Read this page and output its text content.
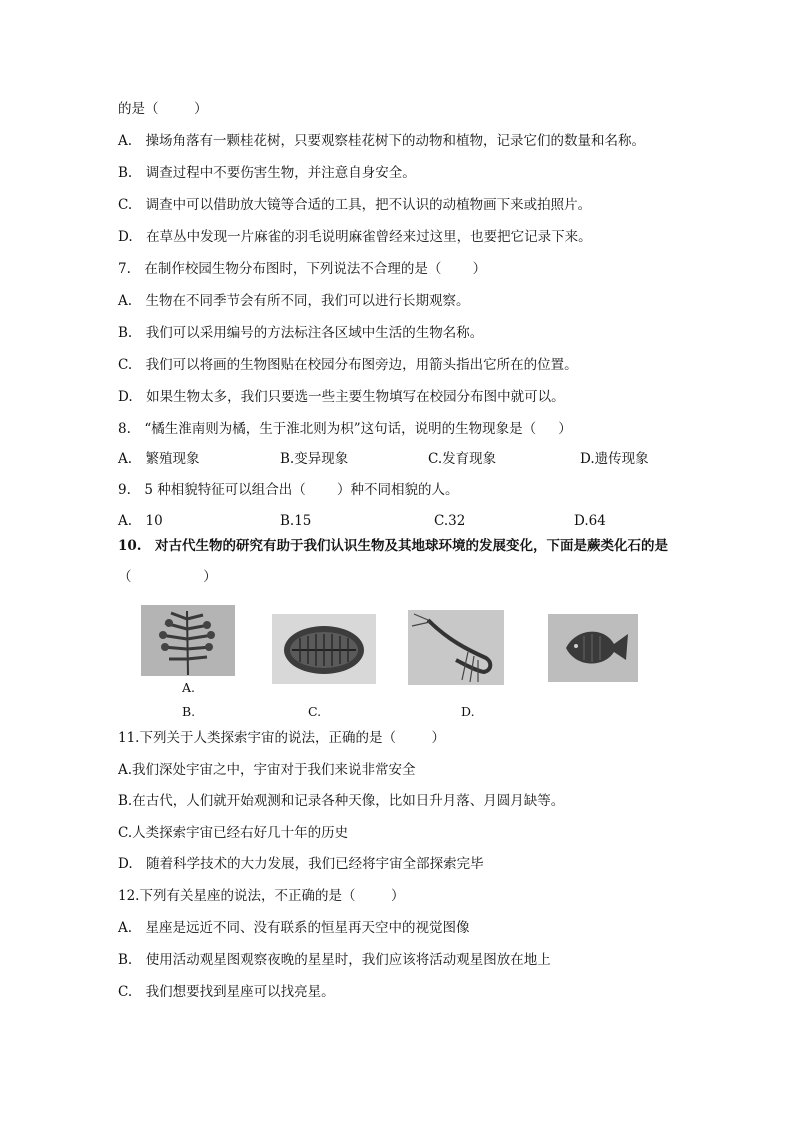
的是（ 　　 ）
A.　操场角落有一颗桂花树，只要观察桂花树下的动物和植物，记录它们的数量和名称。
B.　调查过程中不要伤害生物，并注意自身安全。
C.　调查中可以借助放大镜等合适的工具，把不认识的动植物画下来或拍照片。
D.　在草丛中发现一片麻雀的羽毛说明麻雀曾经来过这里，也要把它记录下来。
7.　在制作校园生物分布图时，下列说法不合理的是（ 　　）
A.　生物在不同季节会有所不同，我们可以进行长期观察。
B.　我们可以采用编号的方法标注各区域中生活的生物名称。
C.　我们可以将画的生物图贴在校园分布图旁边，用箭头指出它所在的位置。
D.　如果生物太多，我们只要选一些主要生物填写在校园分布图中就可以。
8.　“橘生淮南则为橘，生于淮北则为枳”这句话，说明的生物现象是（ 　 ）
A.　繁殖现象	B.变异现象	C.发育现象	D.遗传现象
9.　5 种相貌特征可以组合出（ 　　）种不同相貌的人。
A.　10	B.15	C.32	D.64
10.　对古代生物的研究有助于我们认识生物及其地球环境的发展变化，下面是蕨类化石的是
（ 　　　　　）
A.
B.	C.	D.
11.下列关于人类探索宇宙的说法，正确的是（ 　　 ）
A.我们深处宇宙之中，宇宙对于我们来说非常安全
B.在古代，人们就开始观测和记录各种天像，比如日升月落、月圆月缺等。
C.人类探索宇宙已经右好几十年的历史
D.　随着科学技术的大力发展，我们已经将宇宙全部探索完毕
12.下列有关星座的说法，不正确的是（ 　　 ）
A.　星座是远近不同、没有联系的恒星再天空中的视觉图像
B.　使用活动观星图观察夜晚的星星时，我们应该将活动观星图放在地上
C.　我们想要找到星座可以找亮星。
